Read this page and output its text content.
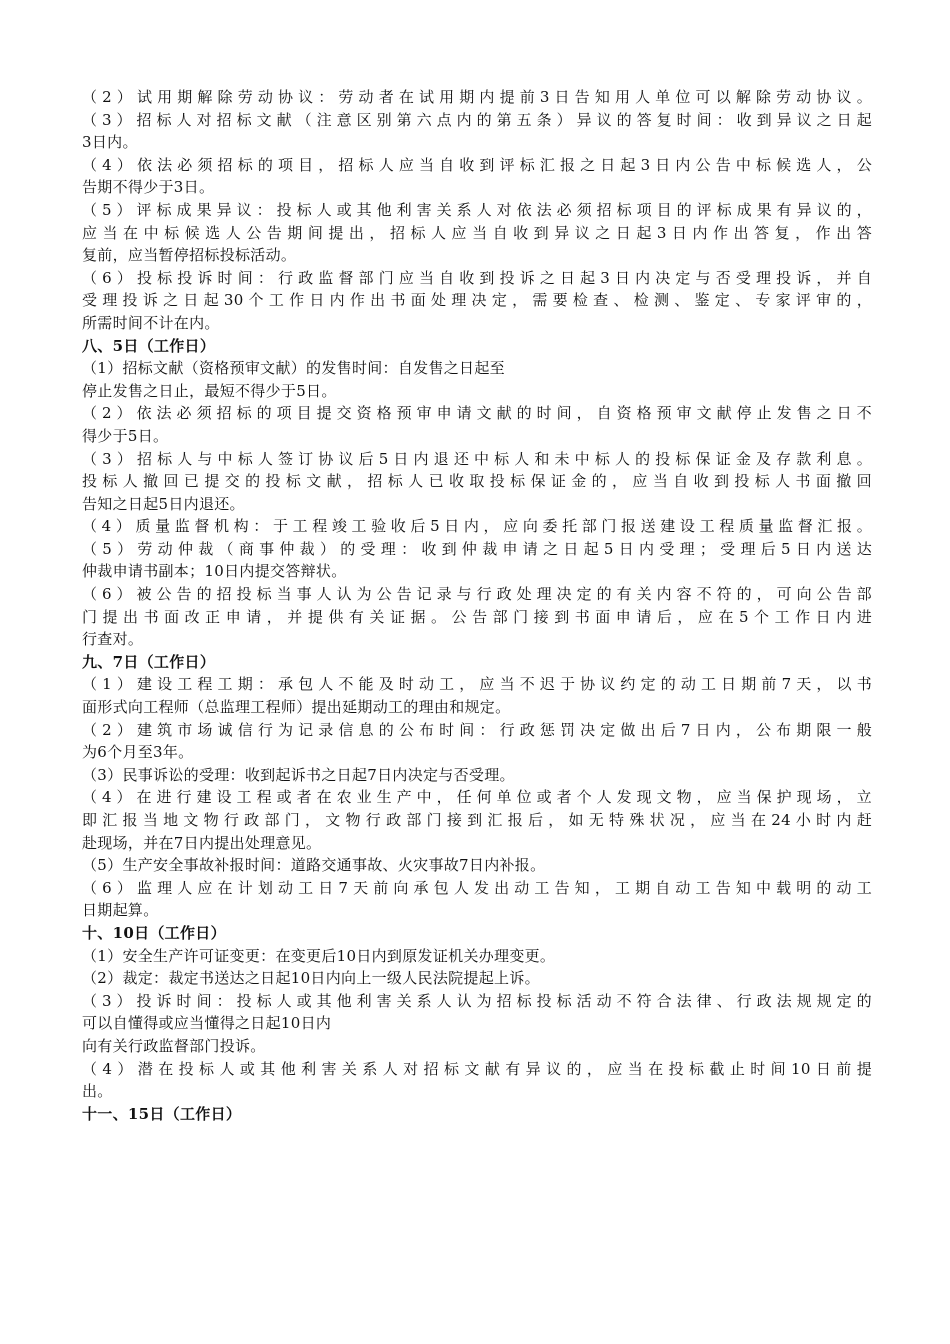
（2）试用期解除劳动协议：劳动者在试用期内提前3日告知用人单位可以解除劳动协议。
（3）招标人对招标文献（注意区别第六点内的第五条）异议的答复时间：收到异议之日起
3日内。
（4）依法必须招标的项目，招标人应当自收到评标汇报之日起3日内公告中标候选人，公
告期不得少于3日。
（5）评标成果异议：投标人或其他利害关系人对依法必须招标项目的评标成果有异议的，
应当在中标候选人公告期间提出，招标人应当自收到异议之日起3日内作出答复，作出答
复前，应当暂停招标投标活动。
（6）投标投诉时间：行政监督部门应当自收到投诉之日起3日内决定与否受理投诉，并自
受理投诉之日起30个工作日内作出书面处理决定，需要检查、检测、鉴定、专家评审的，
所需时间不计在内。
八、5日（工作日）
（1）招标文献（资格预审文献）的发售时间：自发售之日起至
停止发售之日止，最短不得少于5日。
（2）依法必须招标的项目提交资格预审申请文献的时间，自资格预审文献停止发售之日不
得少于5日。
（3）招标人与中标人签订协议后5日内退还中标人和未中标人的投标保证金及存款利息。
投标人撤回已提交的投标文献，招标人已收取投标保证金的，应当自收到投标人书面撤回
告知之日起5日内退还。
（4）质量监督机构：于工程竣工验收后5日内，应向委托部门报送建设工程质量监督汇报。
（5）劳动仲裁（商事仲裁）的受理：收到仲裁申请之日起5日内受理；受理后5日内送达
仲裁申请书副本；10日内提交答辩状。
（6）被公告的招投标当事人认为公告记录与行政处理决定的有关内容不符的，可向公告部
门提出书面改正申请，并提供有关证据。公告部门接到书面申请后，应在5个工作日内进
行查对。
九、7日（工作日）
（1）建设工程工期：承包人不能及时动工，应当不迟于协议约定的动工日期前7天，以书
面形式向工程师（总监理工程师）提出延期动工的理由和规定。
（2）建筑市场诚信行为记录信息的公布时间：行政惩罚决定做出后7日内，公布期限一般
为6个月至3年。
（3）民事诉讼的受理：收到起诉书之日起7日内决定与否受理。
（4）在进行建设工程或者在农业生产中，任何单位或者个人发现文物，应当保护现场，立
即汇报当地文物行政部门，文物行政部门接到汇报后，如无特殊状况，应当在24小时内赶
赴现场，并在7日内提出处理意见。
（5）生产安全事故补报时间：道路交通事故、火灾事故7日内补报。
（6）监理人应在计划动工日7天前向承包人发出动工告知，工期自动工告知中载明的动工
日期起算。
十、10日（工作日）
（1）安全生产许可证变更：在变更后10日内到原发证机关办理变更。
（2）裁定：裁定书送达之日起10日内向上一级人民法院提起上诉。
（3）投诉时间：投标人或其他利害关系人认为招标投标活动不符合法律、行政法规规定的
可以自懂得或应当懂得之日起10日内
向有关行政监督部门投诉。
（4）潜在投标人或其他利害关系人对招标文献有异议的，应当在投标截止时间10日前提
出。
十一、15日（工作日）
